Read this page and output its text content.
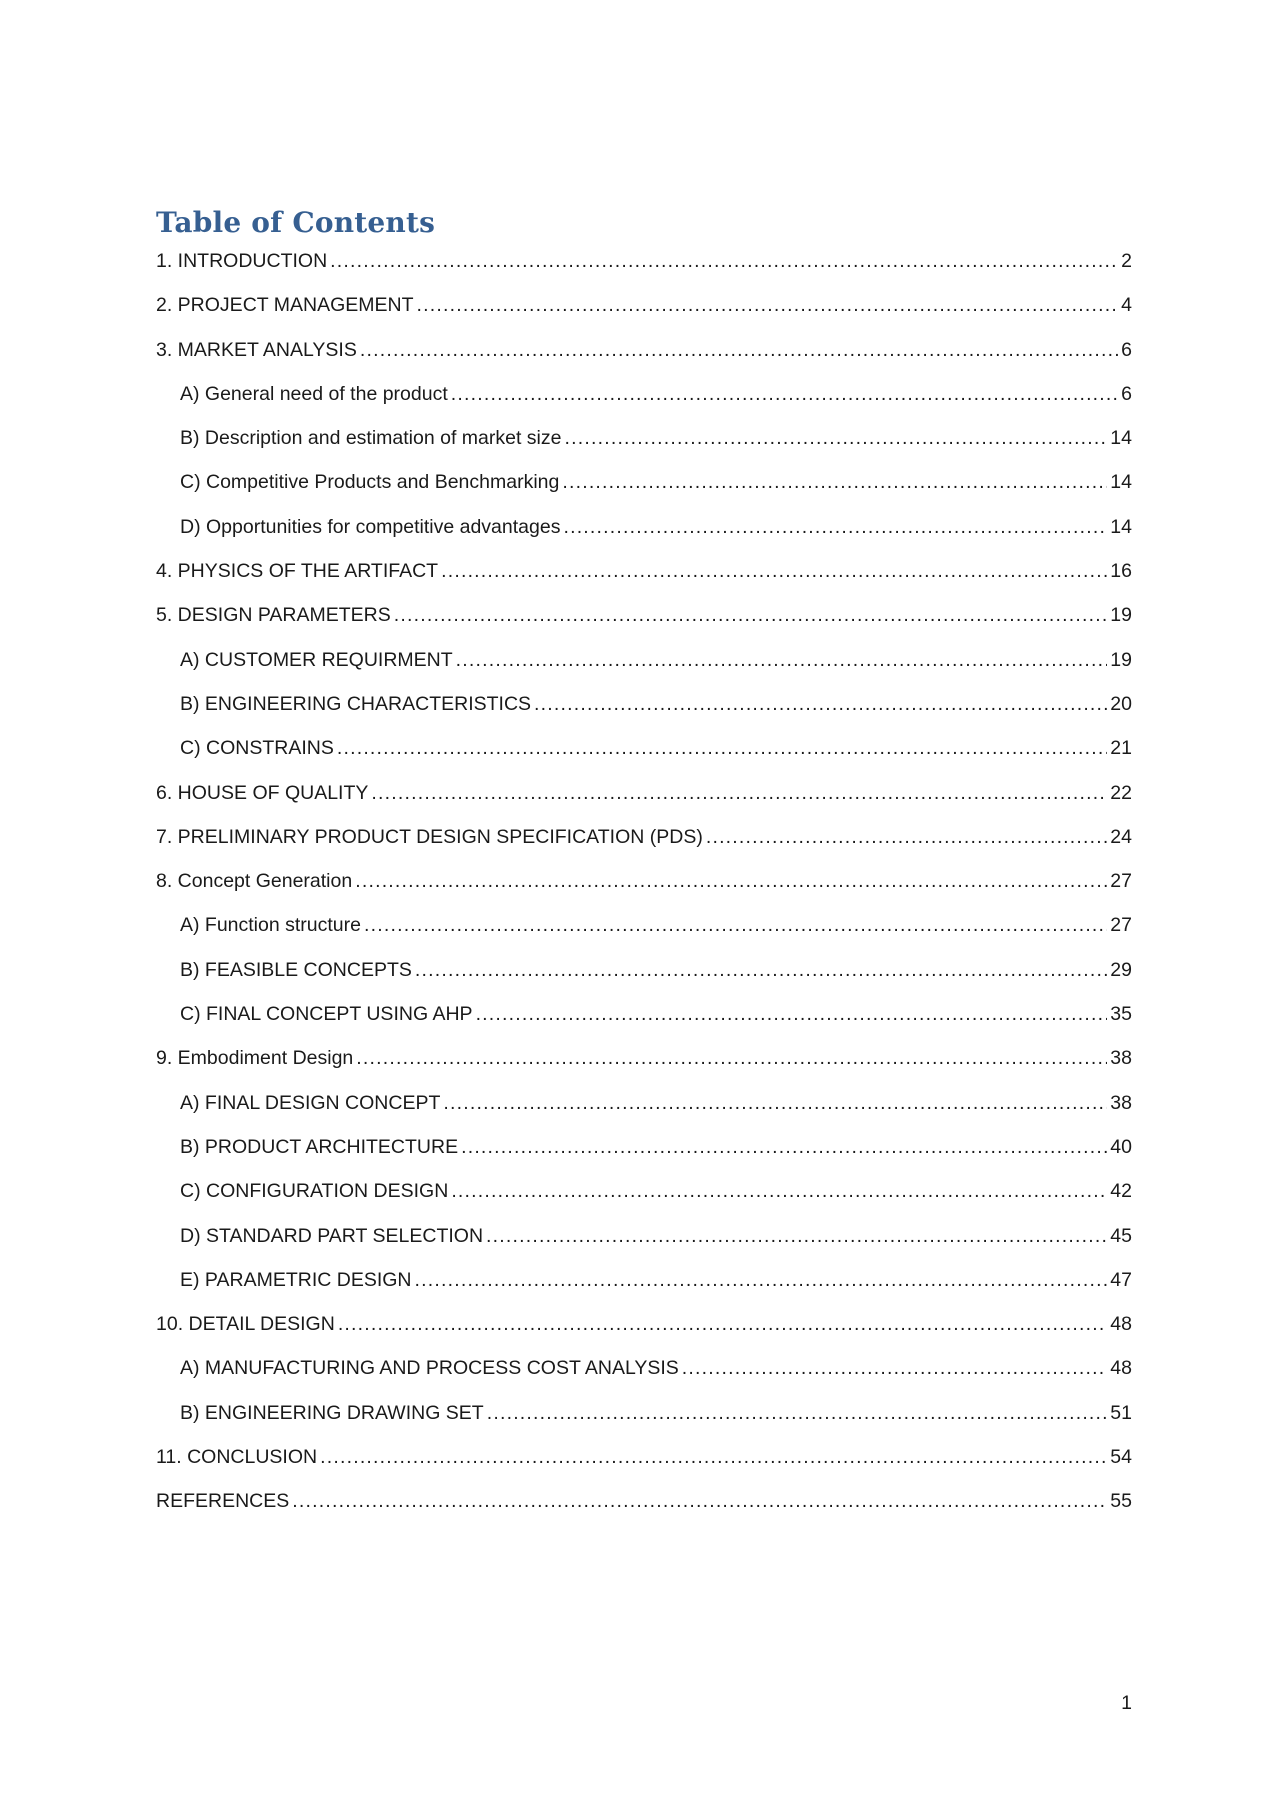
Table of Contents
1. INTRODUCTION .....	2
2. PROJECT MANAGEMENT .....	4
3. MARKET ANALYSIS .....	6
A) General need of the product .....	6
B) Description and estimation of market size .....	14
C) Competitive Products and Benchmarking .....	14
D) Opportunities for competitive advantages .....	14
4. PHYSICS OF THE ARTIFACT .....	16
5. DESIGN PARAMETERS .....	19
A) CUSTOMER REQUIRMENT .....	19
B) ENGINEERING CHARACTERISTICS .....	20
C) CONSTRAINS .....	21
6. HOUSE OF QUALITY .....	22
7. PRELIMINARY PRODUCT DESIGN SPECIFICATION (PDS) .....	24
8. Concept Generation .....	27
A) Function structure .....	27
B) FEASIBLE CONCEPTS .....	29
C) FINAL CONCEPT USING AHP .....	35
9. Embodiment Design .....	38
A) FINAL DESIGN CONCEPT .....	38
B) PRODUCT ARCHITECTURE .....	40
C) CONFIGURATION DESIGN .....	42
D) STANDARD PART SELECTION .....	45
E) PARAMETRIC DESIGN .....	47
10. DETAIL DESIGN .....	48
A) MANUFACTURING AND PROCESS COST ANALYSIS .....	48
B) ENGINEERING DRAWING SET .....	51
11. CONCLUSION .....	54
REFERENCES .....	55
1
